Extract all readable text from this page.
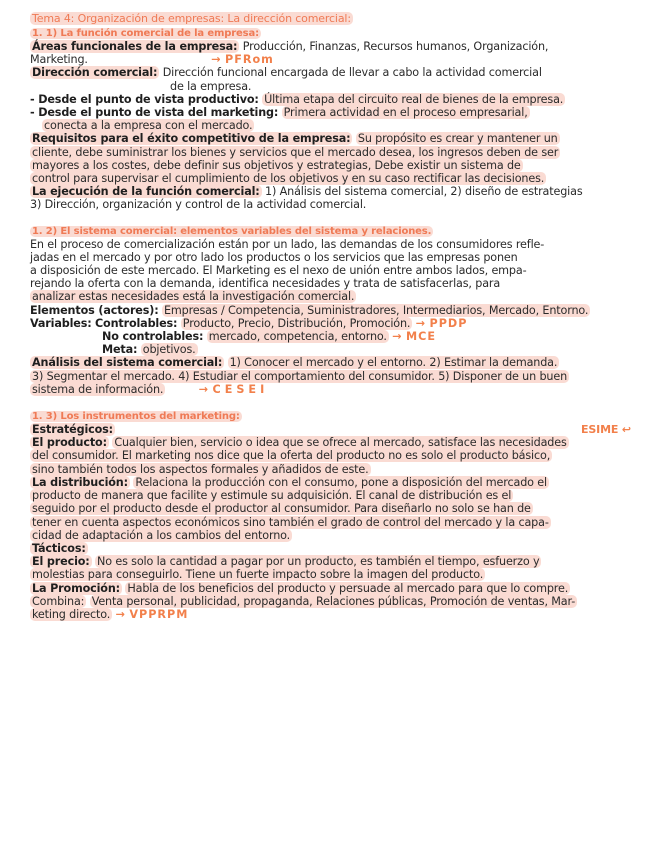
Tema 4: Organización de empresas: La dirección comercial:
1. 1) La función comercial de la empresa:
Áreas funcionales de la empresa: Producción, Finanzas, Recursos humanos, Organización,
Marketing.	→ PFRom
Dirección comercial: Dirección funcional encargada de llevar a cabo la actividad comercial
de la empresa.
- Desde el punto de vista productivo: Última etapa del circuito real de bienes de la empresa.
- Desde el punto de vista del marketing: Primera actividad en el proceso empresarial,
conecta a la empresa con el mercado.
Requisitos para el éxito competitivo de la empresa: Su propósito es crear y mantener un
cliente, debe suministrar los bienes y servicios que el mercado desea, los ingresos deben de ser
mayores a los costes, debe definir sus objetivos y estrategias, Debe existir un sistema de
control para supervisar el cumplimiento de los objetivos y en su caso rectificar las decisiones.
La ejecución de la función comercial: 1) Análisis del sistema comercial, 2) diseño de estrategias
3) Dirección, organización y control de la actividad comercial.
1. 2) El sistema comercial: elementos variables del sistema y relaciones.
En el proceso de comercialización están por un lado, las demandas de los consumidores refle-
jadas en el mercado y por otro lado los productos o los servicios que las empresas ponen
a disposición de este mercado. El Marketing es el nexo de unión entre ambos lados, empa-
rejando la oferta con la demanda, identifica necesidades y trata de satisfacerlas, para
analizar estas necesidades está la investigación comercial.
Elementos (actores): Empresas / Competencia, Suministradores, Intermediarios, Mercado, Entorno.
Variables: Controlables: Producto, Precio, Distribución, Promoción. → PPDP
No controlables: mercado, competencia, entorno. → MCE
Meta: objetivos.
Análisis del sistema comercial: 1) Conocer el mercado y el entorno. 2) Estimar la demanda.
3) Segmentar el mercado. 4) Estudiar el comportamiento del consumidor. 5) Disponer de un buen
sistema de información.	→ CESEI
1. 3) Los instrumentos del marketing:
Estratégicos:
El producto: Cualquier bien, servicio o idea que se ofrece al mercado, satisface las necesidades
del consumidor. El marketing nos dice que la oferta del producto no es solo el producto básico,
sino también todos los aspectos formales y añadidos de este.
La distribución: Relaciona la producción con el consumo, pone a disposición del mercado el
producto de manera que facilite y estimule su adquisición. El canal de distribución es el
seguido por el producto desde el productor al consumidor. Para diseñarlo no solo se han de
tener en cuenta aspectos económicos sino también el grado de control del mercado y la capa-
cidad de adaptación a los cambios del entorno.
Tácticos:
El precio: No es solo la cantidad a pagar por un producto, es también el tiempo, esfuerzo y
molestias para conseguirlo. Tiene un fuerte impacto sobre la imagen del producto.
La Promoción: Habla de los beneficios del producto y persuade al mercado para que lo compre.
Combina: Venta personal, publicidad, propaganda, Relaciones públicas, Promoción de ventas, Mar-
keting directo. → VPPRPM
ESIME ↩
